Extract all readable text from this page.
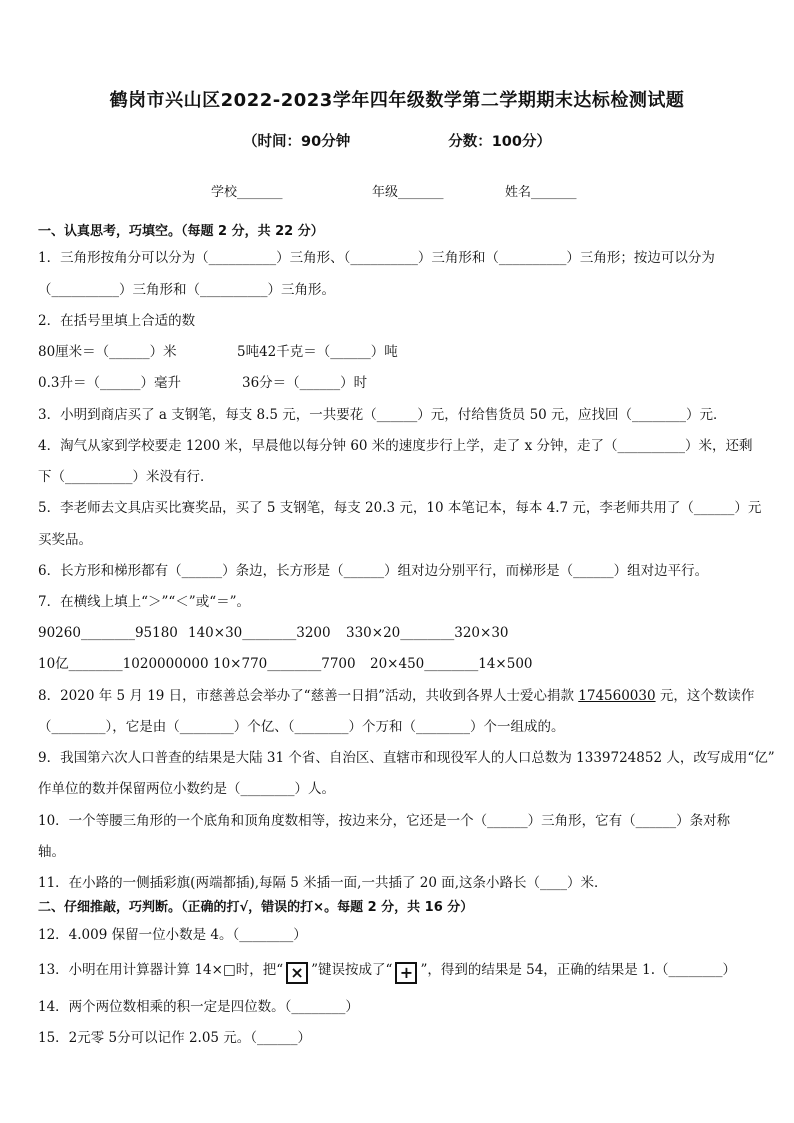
鹤岗市兴山区2022-2023学年四年级数学第二学期期末达标检测试题
（时间：90分钟	分数：100分）
学校_______	年级_______	姓名_______
一、认真思考，巧填空。（每题 2 分，共 22 分）
1．三角形按角分可以分为（__________）三角形、（__________）三角形和（__________）三角形；按边可以分为
（__________）三角形和（__________）三角形。
2．在括号里填上合适的数
80厘米＝（______）米	5吨42千克＝（______）吨
0.3升＝（______）毫升	36分＝（______）时
3．小明到商店买了 a 支钢笔，每支 8.5 元，一共要花（______）元，付给售货员 50 元，应找回（________）元．
4．淘气从家到学校要走 1200 米，早晨他以每分钟 60 米的速度步行上学，走了 x 分钟，走了（__________）米，还剩
下（__________）米没有行．
5．李老师去文具店买比赛奖品，买了 5 支钢笔，每支 20.3 元，10 本笔记本，每本 4.7 元，李老师共用了（______）元
买奖品。
6．长方形和梯形都有（______）条边，长方形是（______）组对边分别平行，而梯形是（______）组对边平行。
7．在横线上填上“＞”“＜”或“＝”。
90260________95180 140×30________3200 330×20________320×30
10亿________1020000000 10×770________7700 20×450________14×500
8．2020 年 5 月 19 日，市慈善总会举办了“慈善一日捐”活动，共收到各界人士爱心捐款 174560030 元，这个数读作
（________），它是由（________）个亿、（________）个万和（________）个一组成的。
9．我国第六次人口普查的结果是大陆 31 个省、自治区、直辖市和现役军人的人口总数为 1339724852 人，改写成用“亿”
作单位的数并保留两位小数约是（________）人。
10．一个等腰三角形的一个底角和顶角度数相等，按边来分，它还是一个（______）三角形，它有（______）条对称
轴。
11．在小路的一侧插彩旗(两端都插),每隔 5 米插一面,一共插了 20 面,这条小路长（____）米．
二、仔细推敲，巧判断。（正确的打√，错误的打×。每题 2 分，共 16 分）
12．4.009 保留一位小数是 4。（________）
13．小明在用计算器计算 14×□时，把“ × ”键误按成了“ + ”，得到的结果是 54，正确的结果是 1.（________）
14．两个两位数相乘的积一定是四位数。（________）
15．2元零 5分可以记作 2.05 元。（______）
